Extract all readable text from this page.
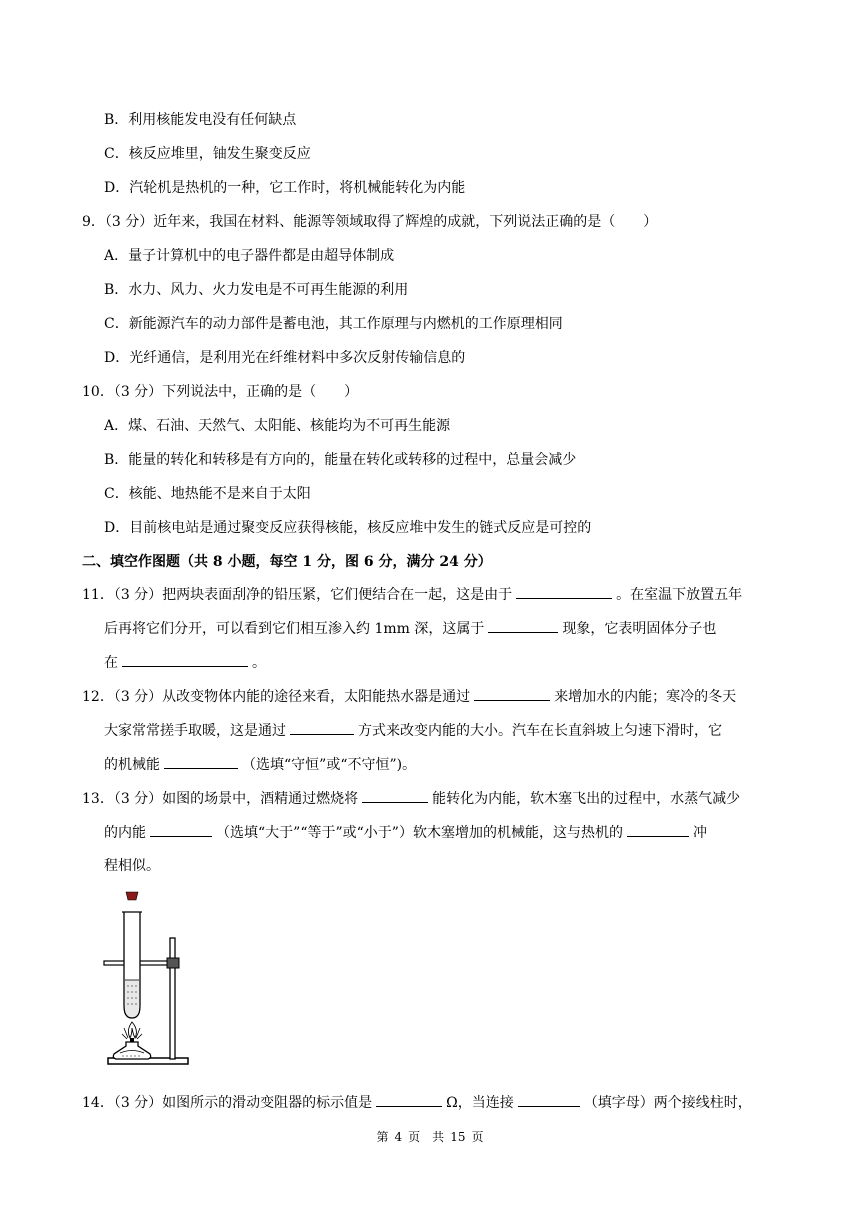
B．利用核能发电没有任何缺点
C．核反应堆里，铀发生聚变反应
D．汽轮机是热机的一种，它工作时，将机械能转化为内能
9．（3 分）近年来，我国在材料、能源等领域取得了辉煌的成就，下列说法正确的是（　　）
A．量子计算机中的电子器件都是由超导体制成
B．水力、风力、火力发电是不可再生能源的利用
C．新能源汽车的动力部件是蓄电池，其工作原理与内燃机的工作原理相同
D．光纤通信，是利用光在纤维材料中多次反射传输信息的
10．（3 分）下列说法中，正确的是（　　）
A．煤、石油、天然气、太阳能、核能均为不可再生能源
B．能量的转化和转移是有方向的，能量在转化或转移的过程中，总量会减少
C．核能、地热能不是来自于太阳
D．目前核电站是通过聚变反应获得核能，核反应堆中发生的链式反应是可控的
二、填空作图题（共 8 小题，每空 1 分，图 6 分，满分 24 分）
11．（3 分）把两块表面刮净的铅压紧，它们便结合在一起，这是由于	。在室温下放置五年
后再将它们分开，可以看到它们相互渗入约 1mm 深，这属于	现象，它表明固体分子也
在	。
12．（3 分）从改变物体内能的途径来看，太阳能热水器是通过	来增加水的内能；寒冷的冬天
大家常常搓手取暖，这是通过	方式来改变内能的大小。汽车在长直斜坡上匀速下滑时，它
的机械能	（选填“守恒”或“不守恒”)。
13．（3 分）如图的场景中，酒精通过燃烧将	能转化为内能，软木塞飞出的过程中，水蒸气减少
的内能	（选填“大于”“等于”或“小于”）软木塞增加的机械能，这与热机的	冲
程相似。
14．（3 分）如图所示的滑动变阻器的标示值是	Ω，当连接	（填字母）两个接线柱时，
第 4 页　共 15 页
